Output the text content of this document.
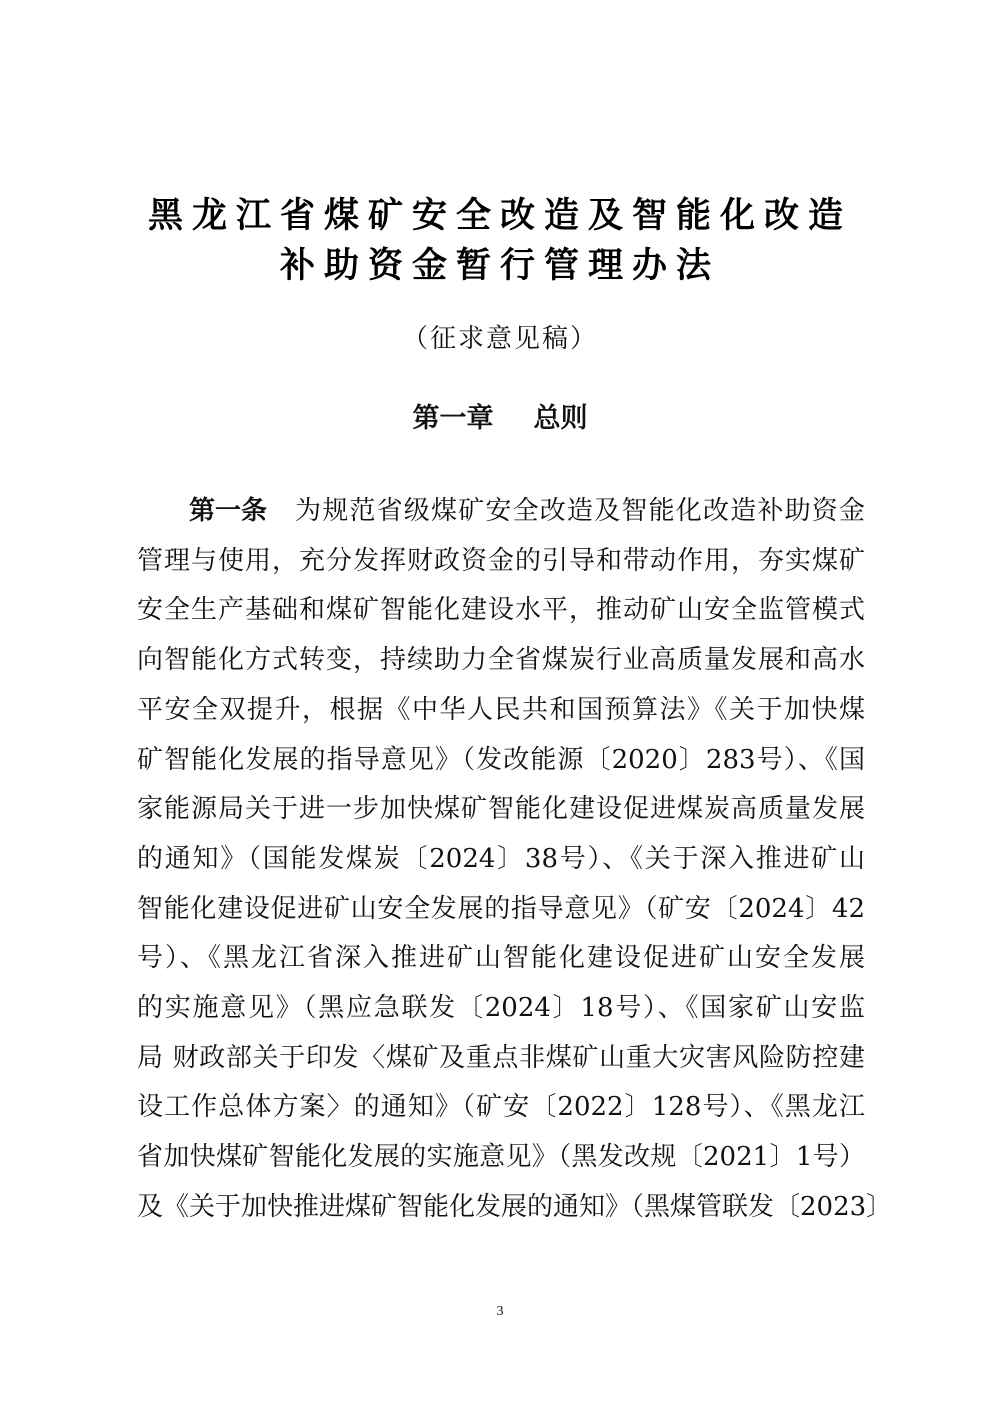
黑龙江省煤矿安全改造及智能化改造
补助资金暂行管理办法
（征求意见稿）
第一章 总则
第一条 为规范省级煤矿安全改造及智能化改造补助资金
管理与使用，充分发挥财政资金的引导和带动作用，夯实煤矿
安全生产基础和煤矿智能化建设水平，推动矿山安全监管模式
向智能化方式转变，持续助力全省煤炭行业高质量发展和高水
平安全双提升，根据《中华人民共和国预算法》《关于加快煤
矿智能化发展的指导意见》（发改能源〔2020〕283号）、《国
家能源局关于进一步加快煤矿智能化建设促进煤炭高质量发展
的通知》（国能发煤炭〔2024〕38号）、《关于深入推进矿山
智能化建设促进矿山安全发展的指导意见》（矿安〔2024〕42
号）、《黑龙江省深入推进矿山智能化建设促进矿山安全发展
的实施意见》（黑应急联发〔2024〕18号）、《国家矿山安监
局 财政部关于印发〈煤矿及重点非煤矿山重大灾害风险防控建
设工作总体方案〉的通知》（矿安〔2022〕128号）、《黑龙江
省加快煤矿智能化发展的实施意见》（黑发改规〔2021〕1号）
及《关于加快推进煤矿智能化发展的通知》（黑煤管联发〔2023〕
3
